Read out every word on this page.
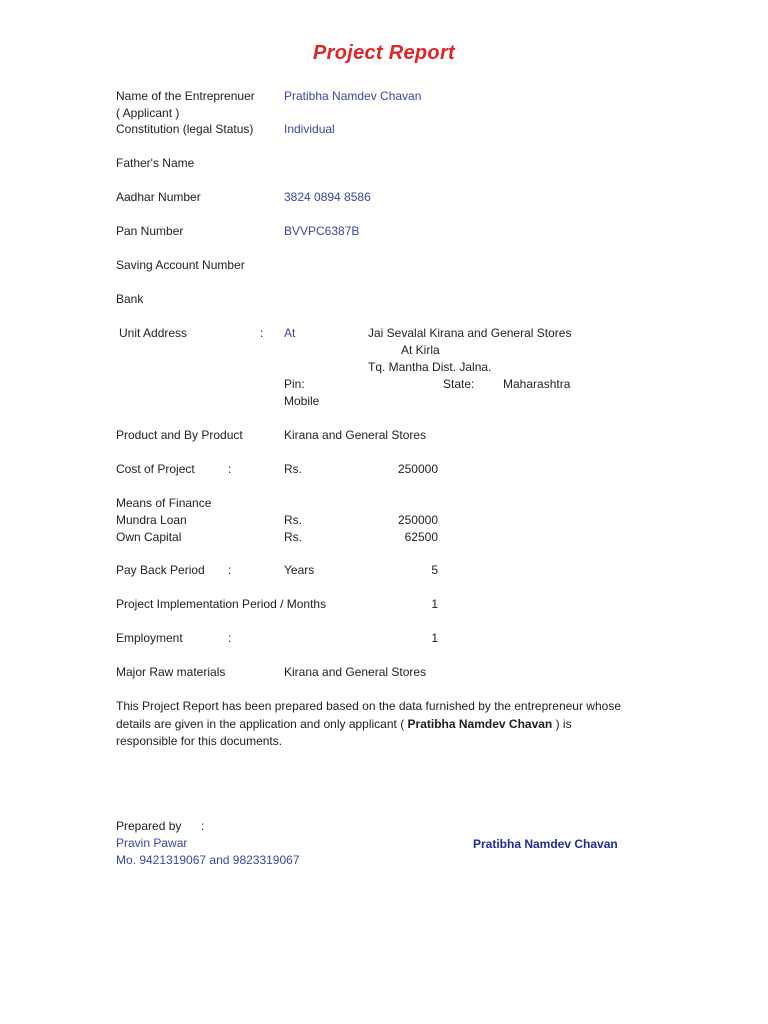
Project Report
Name of the Entreprenuer Pratibha Namdev Chavan
( Applicant )
Constitution (legal Status)	Individual
Father's Name
Aadhar Number	3824 0894 8586
Pan Number	BVVPC6387B
Saving Account Number
Bank
Unit Address	: At	Jai Sevalal Kirana and General Stores
At Kirla
Tq. Mantha Dist. Jalna.
Pin:	State: Maharashtra
Mobile
Product and By Product	Kirana and General Stores
Cost of Project	:	Rs.	250000
Means of Finance
Mundra Loan	Rs.	250000
Own Capital	Rs.	62500
Pay Back Period :	Years	5
Project Implementation Period / Months	1
Employment	:	1
Major Raw materials	Kirana and General Stores
This Project Report has been prepared based on the data furnished by the entrepreneur whose details are given in the application and only applicant ( Pratibha Namdev Chavan ) is responsible for this documents.
Prepared by :
Pravin Pawar	Pratibha Namdev Chavan
Mo. 9421319067 and 9823319067
